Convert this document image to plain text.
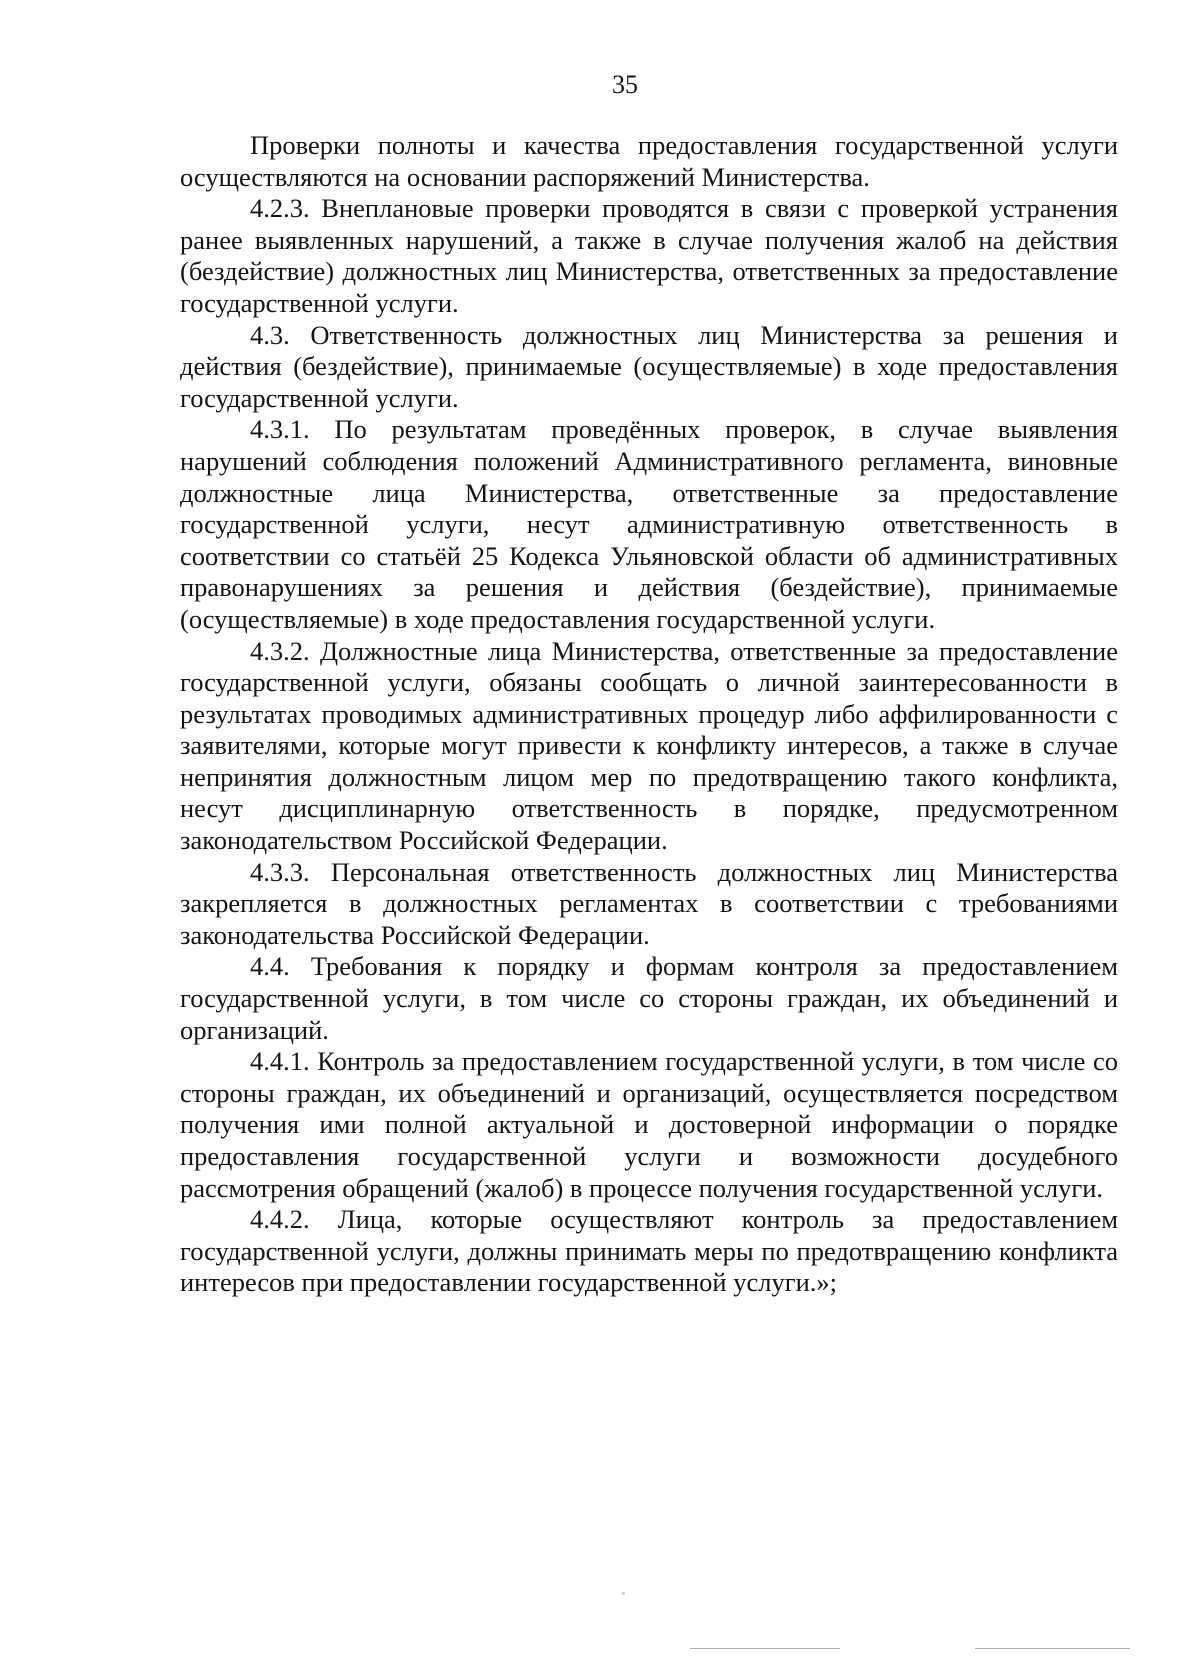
35

Проверки полноты и качества предоставления государственной услуги осуществляются на основании распоряжений Министерства.

4.2.3. Внеплановые проверки проводятся в связи с проверкой устранения ранее выявленных нарушений, а также в случае получения жалоб на действия (бездействие) должностных лиц Министерства, ответственных за предоставление государственной услуги.

4.3. Ответственность должностных лиц Министерства за решения и действия (бездействие), принимаемые (осуществляемые) в ходе предоставления государственной услуги.

4.3.1. По результатам проведённых проверок, в случае выявления нарушений соблюдения положений Административного регламента, виновные должностные лица Министерства, ответственные за предоставление государственной услуги, несут административную ответственность в соответствии со статьёй 25 Кодекса Ульяновской области об административных правонарушениях за решения и действия (бездействие), принимаемые (осуществляемые) в ходе предоставления государственной услуги.

4.3.2. Должностные лица Министерства, ответственные за предоставление государственной услуги, обязаны сообщать о личной заинтересованности в результатах проводимых административных процедур либо аффилированности с заявителями, которые могут привести к конфликту интересов, а также в случае непринятия должностным лицом мер по предотвращению такого конфликта, несут дисциплинарную ответственность в порядке, предусмотренном законодательством Российской Федерации.

4.3.3. Персональная ответственность должностных лиц Министерства закрепляется в должностных регламентах в соответствии с требованиями законодательства Российской Федерации.

4.4. Требования к порядку и формам контроля за предоставлением государственной услуги, в том числе со стороны граждан, их объединений и организаций.

4.4.1. Контроль за предоставлением государственной услуги, в том числе со стороны граждан, их объединений и организаций, осуществляется посредством получения ими полной актуальной и достоверной информации о порядке предоставления государственной услуги и возможности досудебного рассмотрения обращений (жалоб) в процессе получения государственной услуги.

4.4.2. Лица, которые осуществляют контроль за предоставлением государственной услуги, должны принимать меры по предотвращению конфликта интересов при предоставлении государственной услуги.»;
